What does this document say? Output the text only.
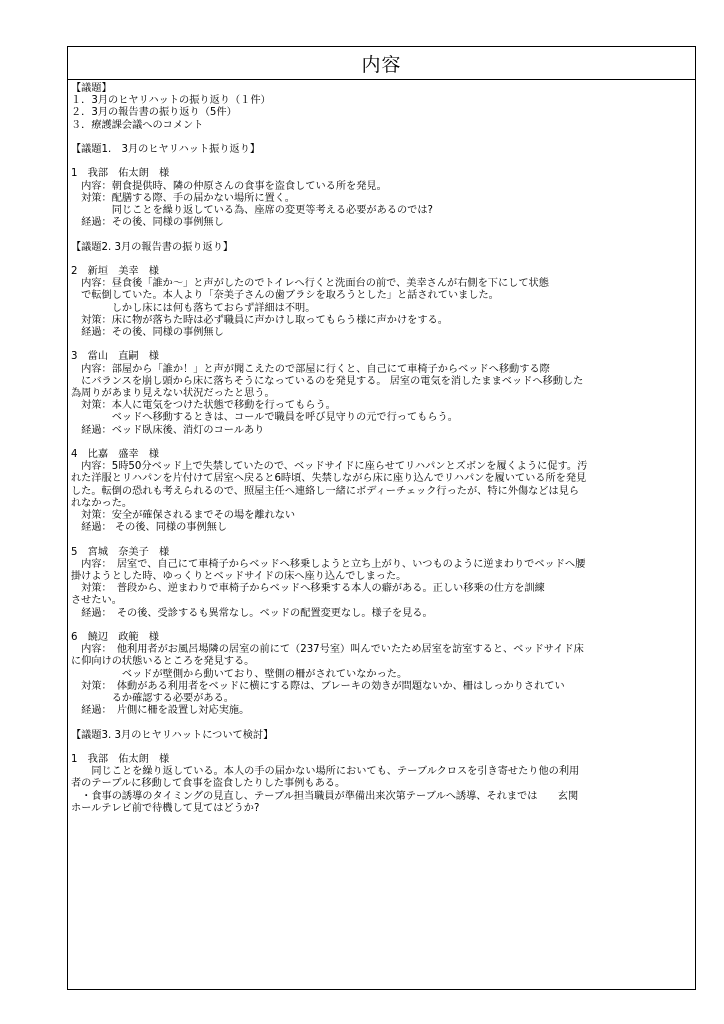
内容
【議題】
１．3月のヒヤリハットの振り返り（１件）
２．3月の報告書の振り返り（5件）
３．療護課会議へのコメント
【議題1.　3月のヒヤリハット振り返り】
1　我部　佑太朗　様
　内容：朝食提供時、隣の仲原さんの食事を盗食している所を発見。
　対策：配膳する際、手の届かない場所に置く。
　　　　同じことを繰り返している為、座席の変更等考える必要があるのでは?
　経過：その後、同様の事例無し
【議題2. 3月の報告書の振り返り】
2　新垣　美幸　様
　内容：昼食後「誰か～」と声がしたのでトイレへ行くと洗面台の前で、美幸さんが右側を下にして状態
　で転倒していた。本人より「奈美子さんの歯ブラシを取ろうとした」と話されていました。
　　　　しかし床には何も落ちておらず詳細は不明。
　対策：床に物が落ちた時は必ず職員に声かけし取ってもらう様に声かけをする。
　経過：その後、同様の事例無し
3　當山　直嗣　様
　内容：部屋から「誰か！」と声が聞こえたので部屋に行くと、自己にて車椅子からベッドへ移動する際
　にバランスを崩し頭から床に落ちそうになっているのを発見する。 居室の電気を消したままベッドへ移動した
為周りがあまり見えない状況だったと思う。
　対策：本人に電気をつけた状態で移動を行ってもらう。
　　　　ベッドへ移動するときは、コールで職員を呼び見守りの元で行ってもらう。
　経過：ベッド臥床後、消灯のコールあり
4　比嘉　盛幸　様
　内容：5時50分ベッド上で失禁していたので、ベッドサイドに座らせてリハパンとズボンを履くように促す。汚
れた洋服とリハパンを片付けて居室へ戻ると6時頃、失禁しながら床に座り込んでリハパンを履いている所を発見
した。転倒の恐れも考えられるので、照屋主任へ連絡し一緒にボディーチェック行ったが、特に外傷などは見ら
れなかった。
　対策：安全が確保されるまでその場を離れない
　経過： その後、同様の事例無し
5　宮城　奈美子　様
　内容：　居室で、自己にて車椅子からベッドへ移乗しようと立ち上がり、いつものように逆まわりでベッドへ腰
掛けようとした時、ゆっくりとベッドサイドの床へ座り込んでしまった。
　対策：　普段から、逆まわりで車椅子からベッドへ移乗する本人の癖がある。正しい移乗の仕方を訓練
させたい。
　経過：　その後、受診するも異常なし。ベッドの配置変更なし。様子を見る。
6　饒辺　政範　様
　内容：　他利用者がお風呂場隣の居室の前にて（237号室）叫んでいたため居室を訪室すると、ベッドサイド床
に仰向けの状態いるところを発見する。
　　　　　ベッドが壁側から動いており、壁側の柵がされていなかった。
　対策：　体動がある利用者をベッドに横にする際は、ブレーキの効きが問題ないか、柵はしっかりされてい
　　　　るか確認する必要がある。
　経過：　片側に柵を設置し対応実施。
【議題3. 3月のヒヤリハットについて検討】
1　我部　佑太朗　様
　　同じことを繰り返している。本人の手の届かない場所においても、テーブルクロスを引き寄せたり他の利用
者のテーブルに移動して食事を盗食したりした事例もある。
　・食事の誘導のタイミングの見直し、テーブル担当職員が準備出来次第テーブルへ誘導、それまでは　　玄関
ホールテレビ前で待機して見てはどうか?
